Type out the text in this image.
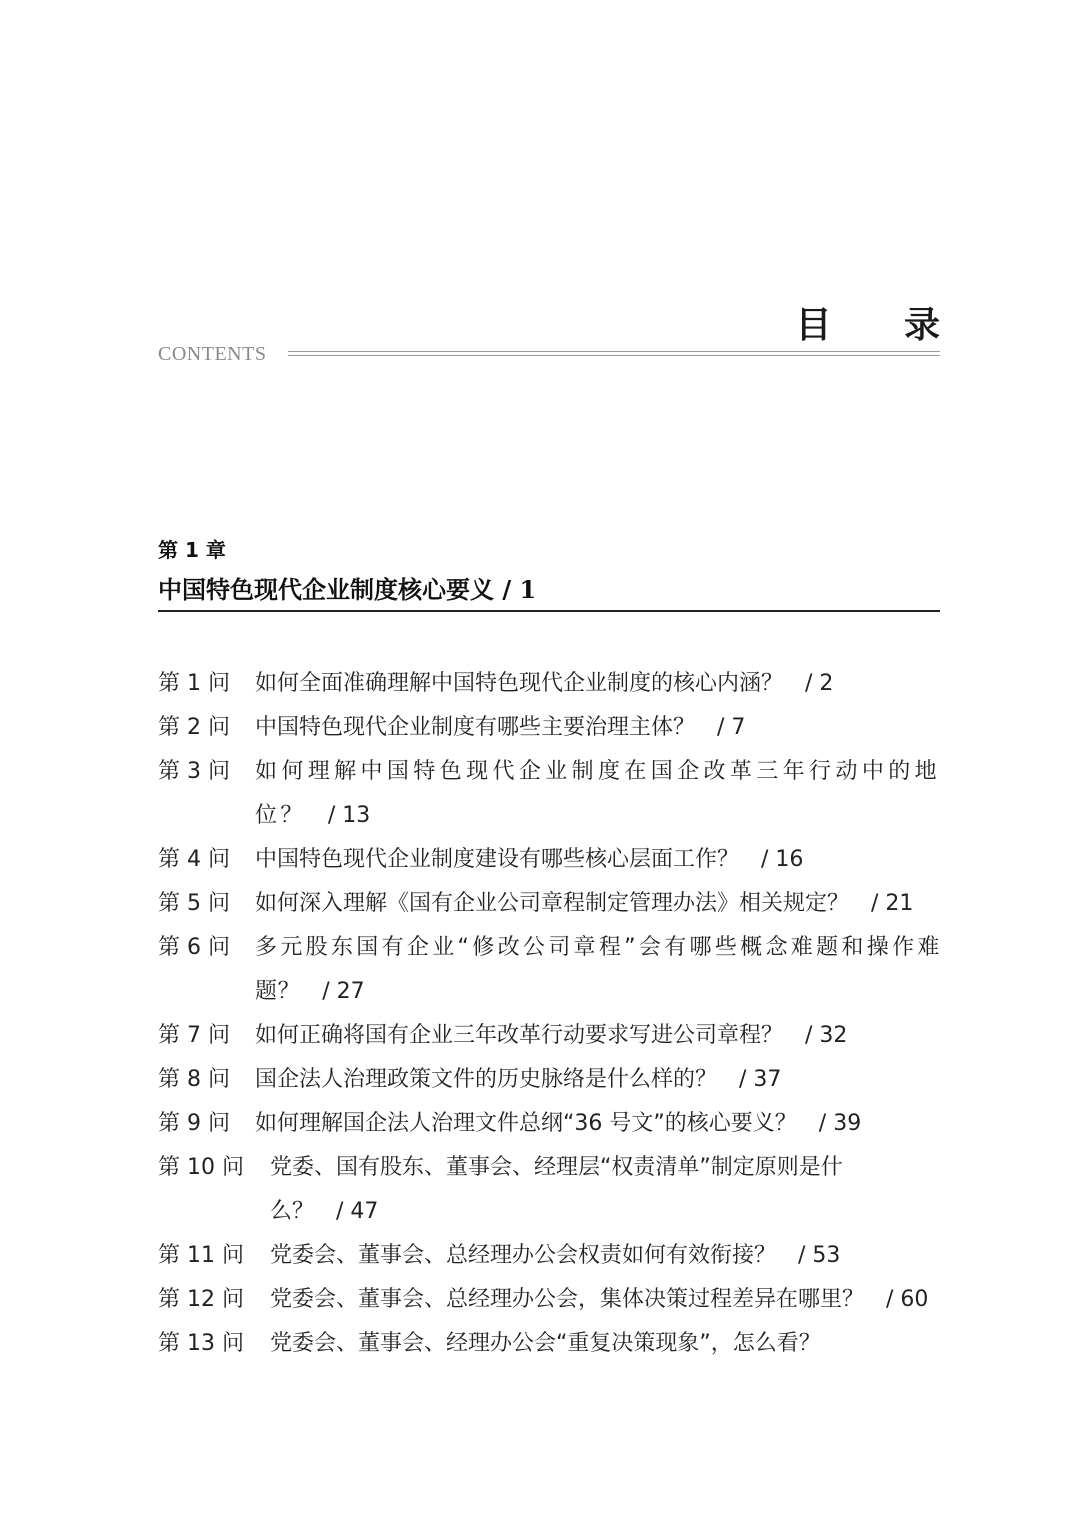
目 录
CONTENTS
第 1 章
中国特色现代企业制度核心要义 / 1
第 1 问	如何全面准确理解中国特色现代企业制度的核心内涵？ / 2
第 2 问	中国特色现代企业制度有哪些主要治理主体？ / 7
第 3 问	如何理解中国特色现代企业制度在国企改革三年行动中的地位？ / 13
第 4 问	中国特色现代企业制度建设有哪些核心层面工作？ / 16
第 5 问	如何深入理解《国有企业公司章程制定管理办法》相关规定？ / 21
第 6 问	多元股东国有企业“修改公司章程”会有哪些概念难题和操作难题？ / 27
第 7 问	如何正确将国有企业三年改革行动要求写进公司章程？ / 32
第 8 问	国企法人治理政策文件的历史脉络是什么样的？ / 37
第 9 问	如何理解国企法人治理文件总纲“36 号文”的核心要义？ / 39
第 10 问	党委、国有股东、董事会、经理层“权责清单”制定原则是什么？ / 47
第 11 问	党委会、董事会、总经理办公会权责如何有效衔接？ / 53
第 12 问	党委会、董事会、总经理办公会，集体决策过程差异在哪里？ / 60
第 13 问	党委会、董事会、经理办公会“重复决策现象”，怎么看？
